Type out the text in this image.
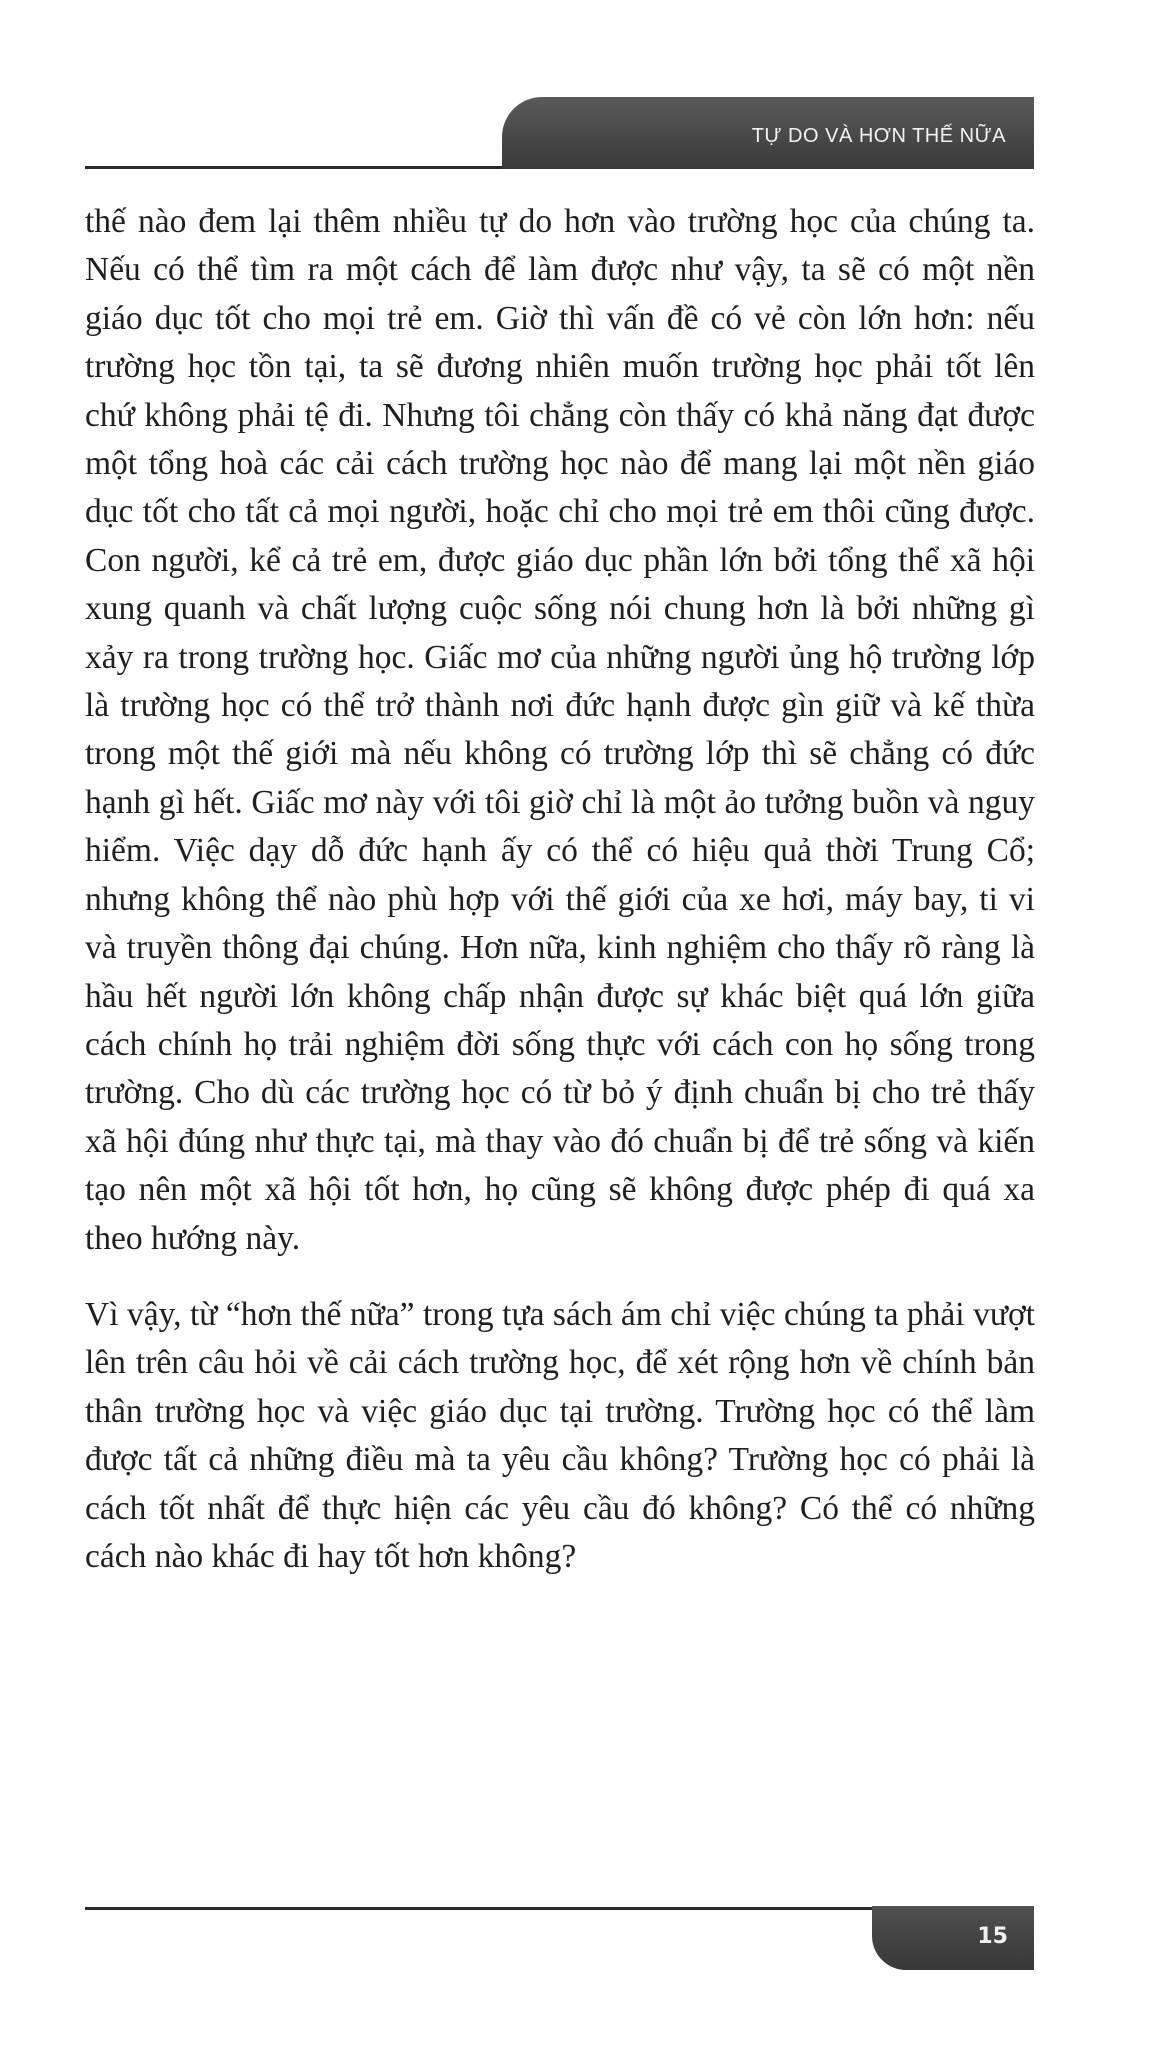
TỰ DO VÀ HƠN THẾ NỮA

thế nào đem lại thêm nhiều tự do hơn vào trường học của chúng ta. Nếu có thể tìm ra một cách để làm được như vậy, ta sẽ có một nền giáo dục tốt cho mọi trẻ em. Giờ thì vấn đề có vẻ còn lớn hơn: nếu trường học tồn tại, ta sẽ đương nhiên muốn trường học phải tốt lên chứ không phải tệ đi. Nhưng tôi chẳng còn thấy có khả năng đạt được một tổng hoà các cải cách trường học nào để mang lại một nền giáo dục tốt cho tất cả mọi người, hoặc chỉ cho mọi trẻ em thôi cũng được. Con người, kể cả trẻ em, được giáo dục phần lớn bởi tổng thể xã hội xung quanh và chất lượng cuộc sống nói chung hơn là bởi những gì xảy ra trong trường học. Giấc mơ của những người ủng hộ trường lớp là trường học có thể trở thành nơi đức hạnh được gìn giữ và kế thừa trong một thế giới mà nếu không có trường lớp thì sẽ chẳng có đức hạnh gì hết. Giấc mơ này với tôi giờ chỉ là một ảo tưởng buồn và nguy hiểm. Việc dạy dỗ đức hạnh ấy có thể có hiệu quả thời Trung Cổ; nhưng không thể nào phù hợp với thế giới của xe hơi, máy bay, ti vi và truyền thông đại chúng. Hơn nữa, kinh nghiệm cho thấy rõ ràng là hầu hết người lớn không chấp nhận được sự khác biệt quá lớn giữa cách chính họ trải nghiệm đời sống thực với cách con họ sống trong trường. Cho dù các trường học có từ bỏ ý định chuẩn bị cho trẻ thấy xã hội đúng như thực tại, mà thay vào đó chuẩn bị để trẻ sống và kiến tạo nên một xã hội tốt hơn, họ cũng sẽ không được phép đi quá xa theo hướng này.

Vì vậy, từ “hơn thế nữa” trong tựa sách ám chỉ việc chúng ta phải vượt lên trên câu hỏi về cải cách trường học, để xét rộng hơn về chính bản thân trường học và việc giáo dục tại trường. Trường học có thể làm được tất cả những điều mà ta yêu cầu không? Trường học có phải là cách tốt nhất để thực hiện các yêu cầu đó không? Có thể có những cách nào khác đi hay tốt hơn không?

15
